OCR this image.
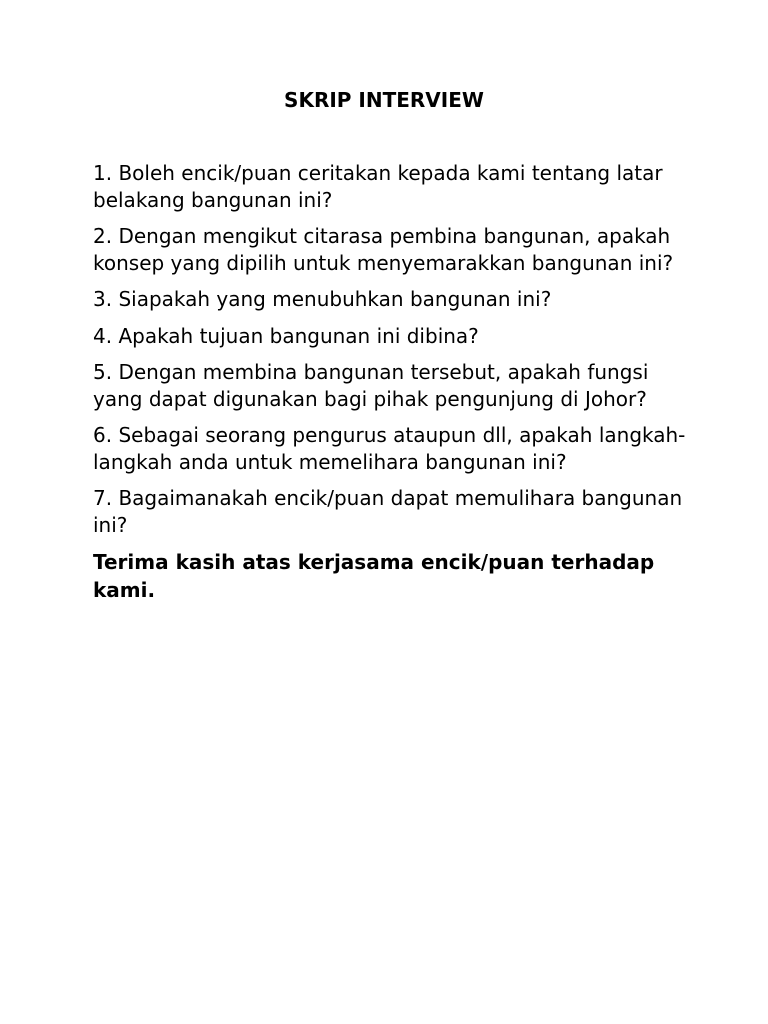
SKRIP INTERVIEW

1. Boleh encik/puan ceritakan kepada kami tentang latar belakang bangunan ini?

2. Dengan mengikut citarasa pembina bangunan, apakah konsep yang dipilih untuk menyemarakkan bangunan ini?

3. Siapakah yang menubuhkan bangunan ini?

4. Apakah tujuan bangunan ini dibina?

5. Dengan membina bangunan tersebut, apakah fungsi yang dapat digunakan bagi pihak pengunjung di Johor?

6. Sebagai seorang pengurus ataupun dll, apakah langkah-langkah anda untuk memelihara bangunan ini?

7. Bagaimanakah encik/puan dapat memulihara bangunan ini?

Terima kasih atas kerjasama encik/puan terhadap kami.
